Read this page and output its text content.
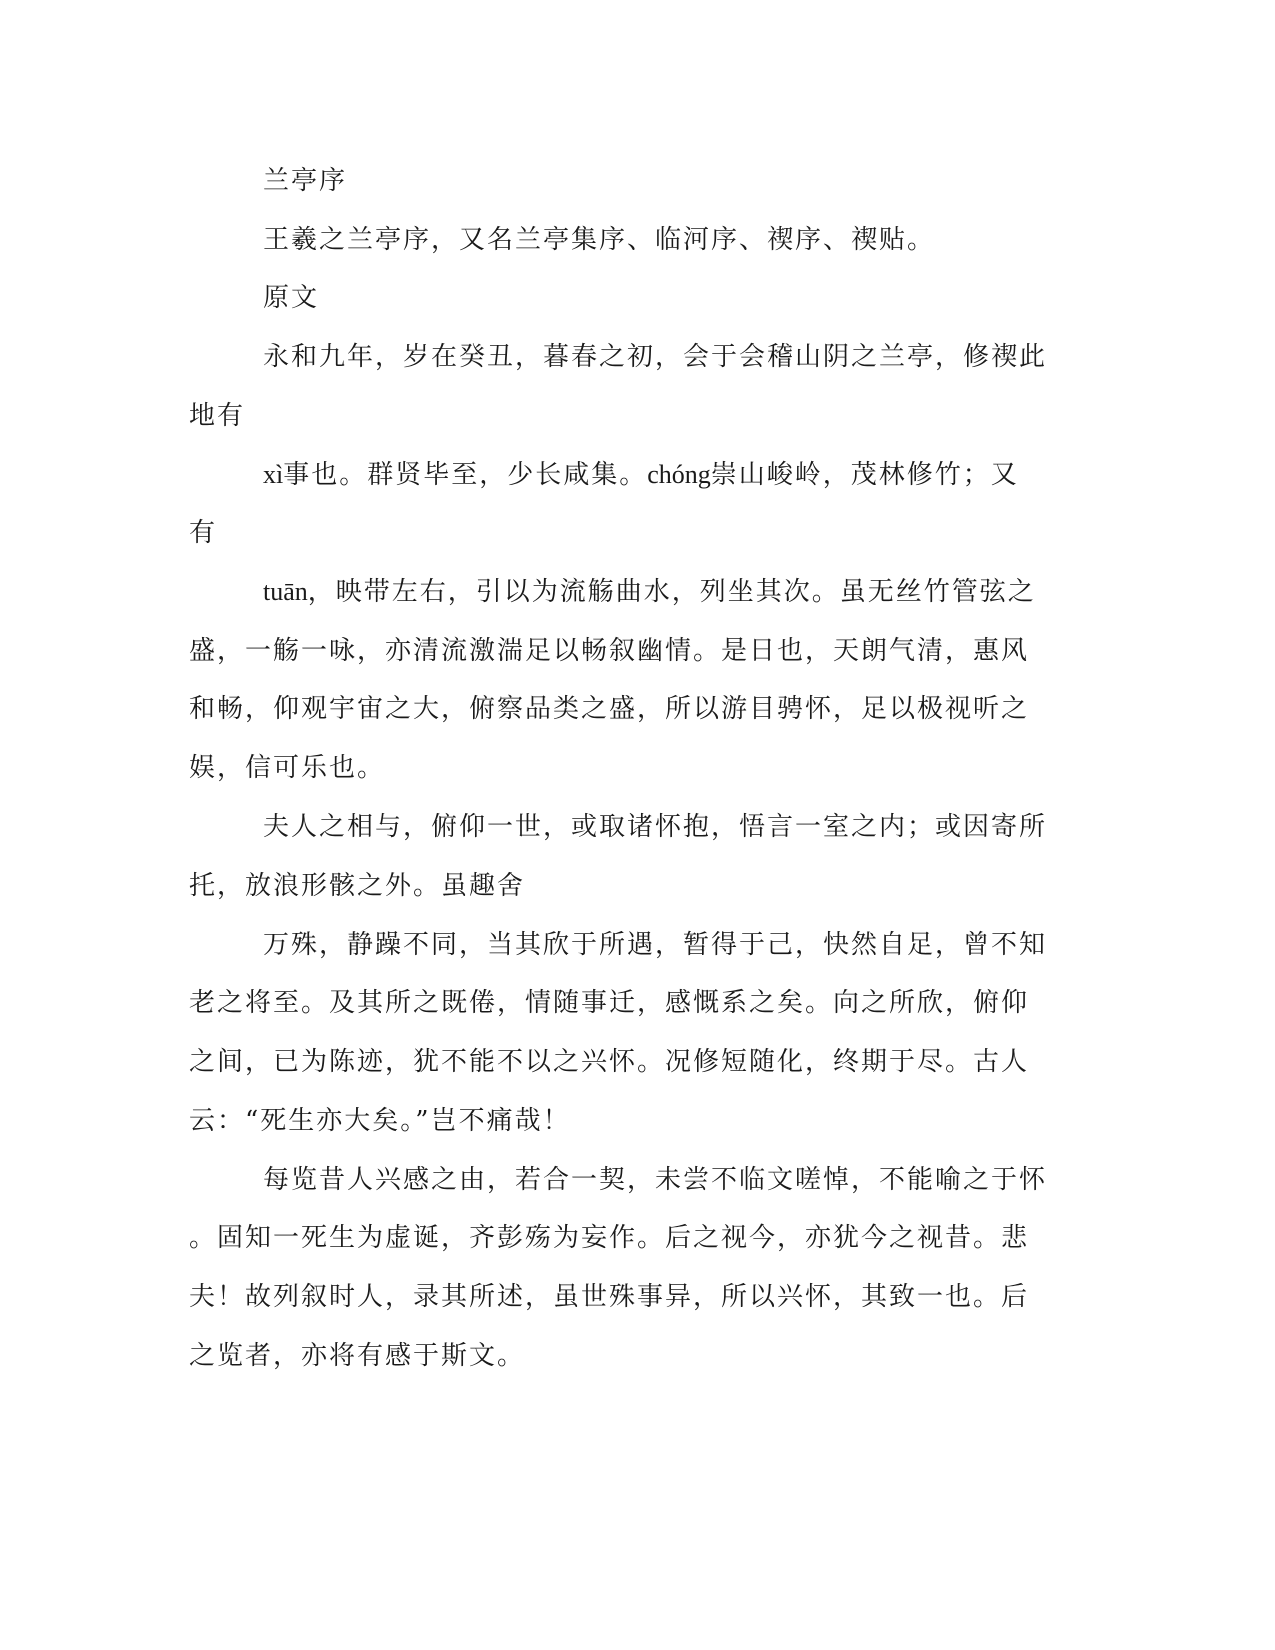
兰亭序

王羲之兰亭序，又名兰亭集序、临河序、禊序、禊贴。

原文

永和九年，岁在癸丑，暮春之初，会于会稽山阴之兰亭，修禊此

地有

xì事也。群贤毕至，少长咸集。chóng崇山峻岭，茂林修竹；又

有

tuān，映带左右，引以为流觞曲水，列坐其次。虽无丝竹管弦之

盛，一觞一咏，亦清流激湍足以畅叙幽情。是日也，天朗气清，惠风

和畅，仰观宇宙之大，俯察品类之盛，所以游目骋怀，足以极视听之

娱，信可乐也。

夫人之相与，俯仰一世，或取诸怀抱，悟言一室之内；或因寄所

托，放浪形骸之外。虽趣舍

万殊，静躁不同，当其欣于所遇，暂得于己，快然自足，曾不知

老之将至。及其所之既倦，情随事迁，感慨系之矣。向之所欣，俯仰

之间，已为陈迹，犹不能不以之兴怀。况修短随化，终期于尽。古人

云：“死生亦大矣。”岂不痛哉！

每览昔人兴感之由，若合一契，未尝不临文嗟悼，不能喻之于怀

。固知一死生为虚诞，齐彭殇为妄作。后之视今，亦犹今之视昔。悲

夫！故列叙时人，录其所述，虽世殊事异，所以兴怀，其致一也。后

之览者，亦将有感于斯文。
